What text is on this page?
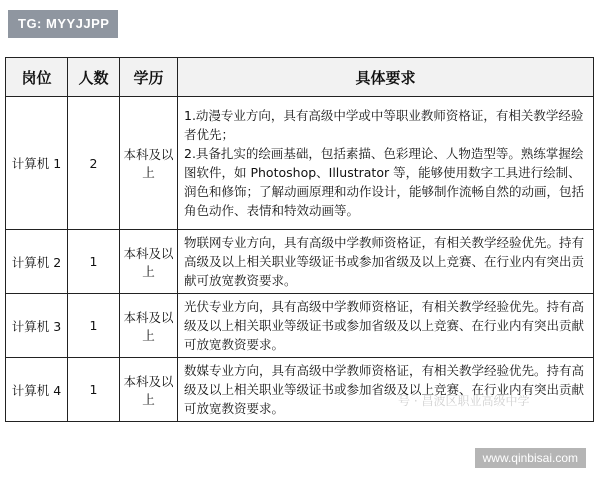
TG: MYYJJPP
岗位	人数	学历	具体要求
计算机 1	2	本科及以上	1.动漫专业方向，具有高级中学或中等职业教师资格证，有相关教学经验者优先；
2.具备扎实的绘画基础，包括素描、色彩理论、人物造型等。熟练掌握绘图软件，如 Photoshop、Illustrator 等，能够使用数字工具进行绘制、润色和修饰；了解动画原理和动作设计，能够制作流畅自然的动画，包括角色动作、表情和特效动画等。

计算机 2	1	本科及以上	物联网专业方向，具有高级中学教师资格证，有相关教学经验优先。持有高级及以上相关职业等级证书或参加省级及以上竞赛、在行业内有突出贡献可放宽教资要求。

计算机 3	1	本科及以上	光伏专业方向，具有高级中学教师资格证，有相关教学经验优先。持有高级及以上相关职业等级证书或参加省级及以上竞赛、在行业内有突出贡献可放宽教资要求。

计算机 4	1	本科及以上	数媒专业方向，具有高级中学教师资格证，有相关教学经验优先。持有高级及以上相关职业等级证书或参加省级及以上竞赛、在行业内有突出贡献可放宽教资要求。	号 · 昌波区职业高级中学
www.qinbisai.com
